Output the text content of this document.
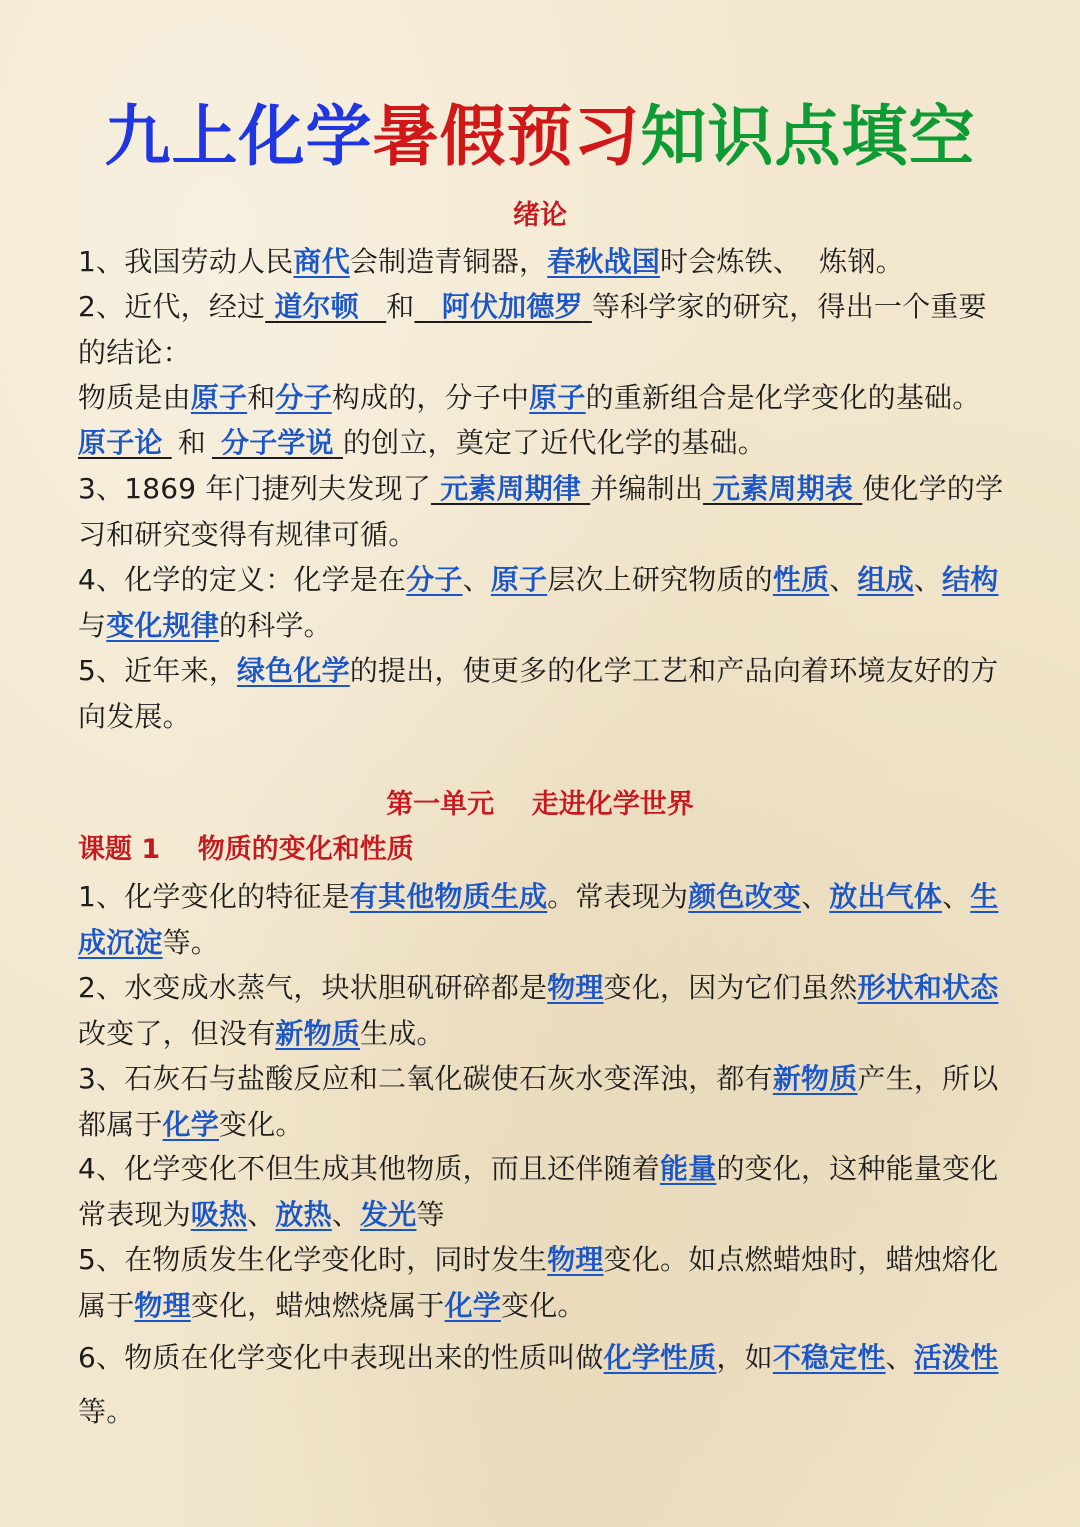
九上化学暑假预习知识点填空
绪论
1、我国劳动人民商代会制造青铜器，春秋战国时会炼铁、  炼钢。
2、近代，经过 道尔顿 和 阿伏加德罗 等科学家的研究，得出一个重要的结论：
物质是由原子和分子构成的，分子中原子的重新组合是化学变化的基础。
原子论 和 分子学说 的创立，奠定了近代化学的基础。
3、1869 年门捷列夫发现了 元素周期律 并编制出 元素周期表 使化学的学习和研究变得有规律可循。
4、化学的定义：化学是在分子、原子层次上研究物质的性质、组成、结构与变化规律的科学。
5、近年来，绿色化学的提出，使更多的化学工艺和产品向着环境友好的方向发展。
第一单元    走进化学世界
课题 1    物质的变化和性质
1、化学变化的特征是有其他物质生成。常表现为颜色改变、放出气体、生成沉淀等。
2、水变成水蒸气，块状胆矾研碎都是物理变化，因为它们虽然形状和状态改变了，但没有新物质生成。
3、石灰石与盐酸反应和二氧化碳使石灰水变浑浊，都有新物质产生，所以都属于化学变化。
4、化学变化不但生成其他物质，而且还伴随着能量的变化，这种能量变化常表现为吸热、放热、发光等
5、在物质发生化学变化时，同时发生物理变化。如点燃蜡烛时，蜡烛熔化属于物理变化，蜡烛燃烧属于化学变化。
6、物质在化学变化中表现出来的性质叫做化学性质，如不稳定性、活泼性等。
